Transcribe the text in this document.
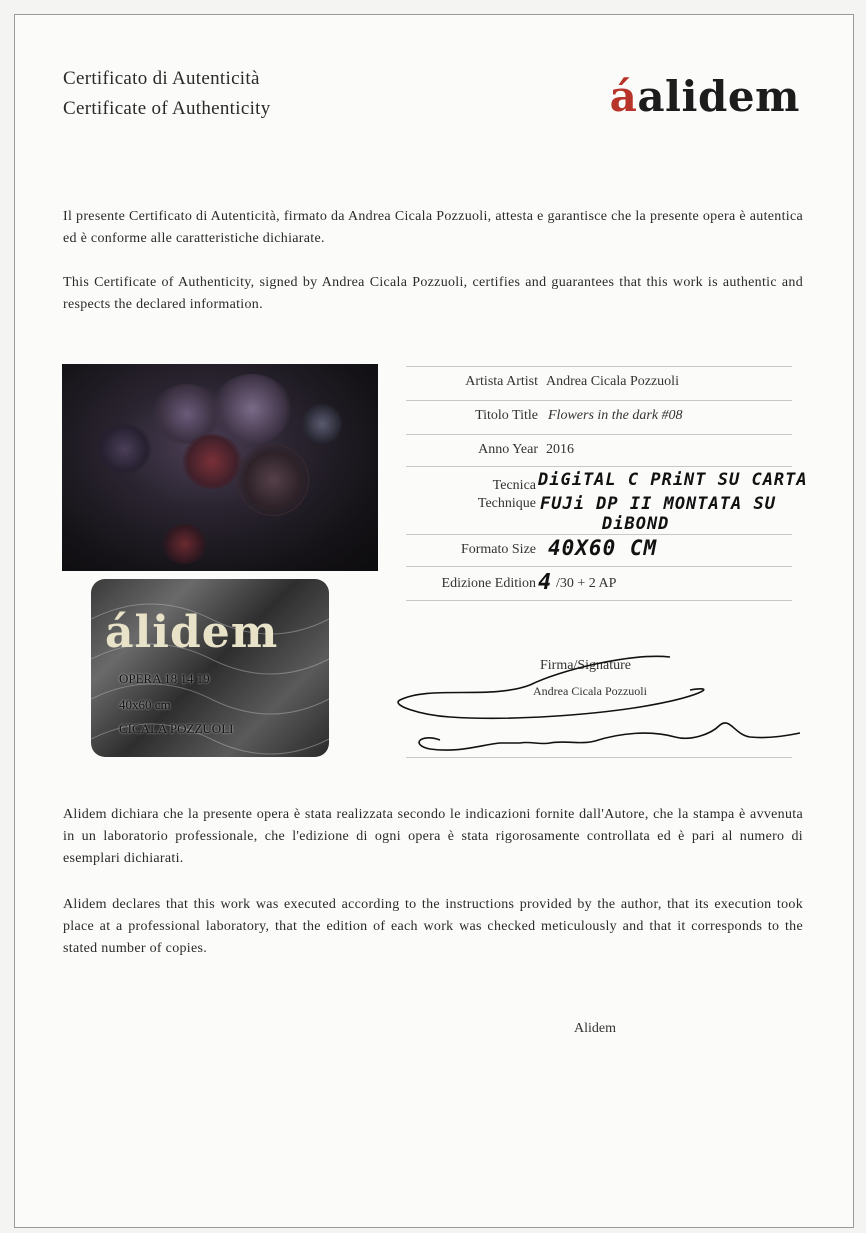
Certificato di Autenticità
Certificate of Authenticity	áalidem
Il presente Certificato di Autenticità, firmato da Andrea Cicala Pozzuoli, attesta e garantisce che la presente opera è autentica ed è conforme alle caratteristiche dichiarate.
This Certificate of Authenticity, signed by Andrea Cicala Pozzuoli, certifies and guarantees that this work is authentic and respects the declared information.
álidem
OPERA 18 14 19
40x60 cm
CICALA POZZUOLI
Artista Artist Andrea Cicala Pozzuoli
Titolo Title Flowers in the dark #08
Anno Year 2016
Tecnica
Technique
DiGiTAL C PRiNT SU CARTA
FUJi DP II MONTATA SU
DiBOND
Formato Size 40X60 CM
Edizione Edition 4 /30 + 2 AP
Firma/Signature
Andrea Cicala Pozzuoli
Alidem dichiara che la presente opera è stata realizzata secondo le indicazioni fornite dall'Autore, che la stampa è avvenuta in un laboratorio professionale, che l'edizione di ogni opera è stata rigorosamente controllata ed è pari al numero di esemplari dichiarati.
Alidem declares that this work was executed according to the instructions provided by the author, that its execution took place at a professional laboratory, that the edition of each work was checked meticulously and that it corresponds to the stated number of copies.
Alidem
